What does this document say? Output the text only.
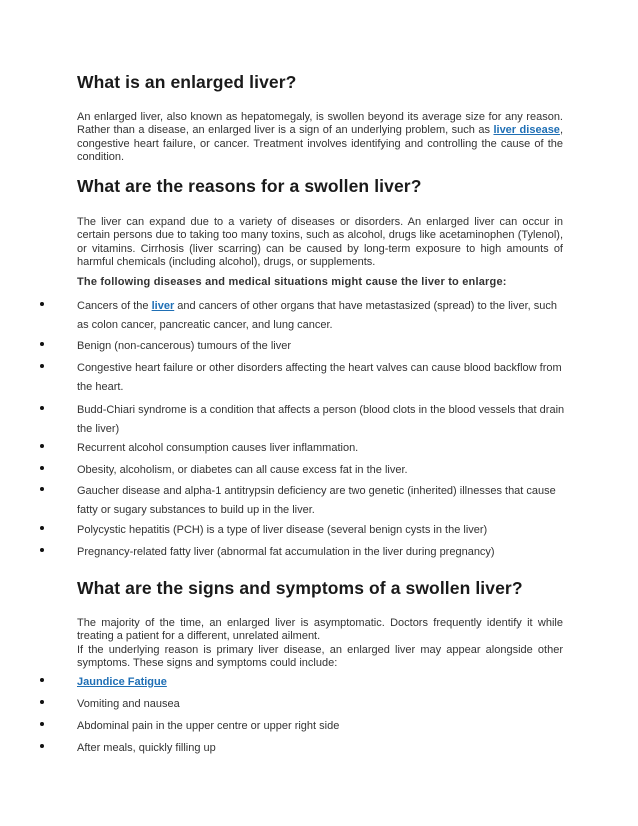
What is an enlarged liver?

An enlarged liver, also known as hepatomegaly, is swollen beyond its average size for any reason. Rather than a disease, an enlarged liver is a sign of an underlying problem, such as liver disease, congestive heart failure, or cancer. Treatment involves identifying and controlling the cause of the condition.

What are the reasons for a swollen liver?

The liver can expand due to a variety of diseases or disorders. An enlarged liver can occur in certain persons due to taking too many toxins, such as alcohol, drugs like acetaminophen (Tylenol), or vitamins. Cirrhosis (liver scarring) can be caused by long-term exposure to high amounts of harmful chemicals (including alcohol), drugs, or supplements.

The following diseases and medical situations might cause the liver to enlarge:

Cancers of the liver and cancers of other organs that have metastasized (spread) to the liver, such as colon cancer, pancreatic cancer, and lung cancer.

Benign (non-cancerous) tumours of the liver

Congestive heart failure or other disorders affecting the heart valves can cause blood backflow from the heart.

Budd-Chiari syndrome is a condition that affects a person (blood clots in the blood vessels that drain the liver)

Recurrent alcohol consumption causes liver inflammation.

Obesity, alcoholism, or diabetes can all cause excess fat in the liver.

Gaucher disease and alpha-1 antitrypsin deficiency are two genetic (inherited) illnesses that cause fatty or sugary substances to build up in the liver.

Polycystic hepatitis (PCH) is a type of liver disease (several benign cysts in the liver)

Pregnancy-related fatty liver (abnormal fat accumulation in the liver during pregnancy)

What are the signs and symptoms of a swollen liver?

The majority of the time, an enlarged liver is asymptomatic. Doctors frequently identify it while treating a patient for a different, unrelated ailment.

If the underlying reason is primary liver disease, an enlarged liver may appear alongside other symptoms. These signs and symptoms could include:

Jaundice Fatigue

Vomiting and nausea

Abdominal pain in the upper centre or upper right side

After meals, quickly filling up
